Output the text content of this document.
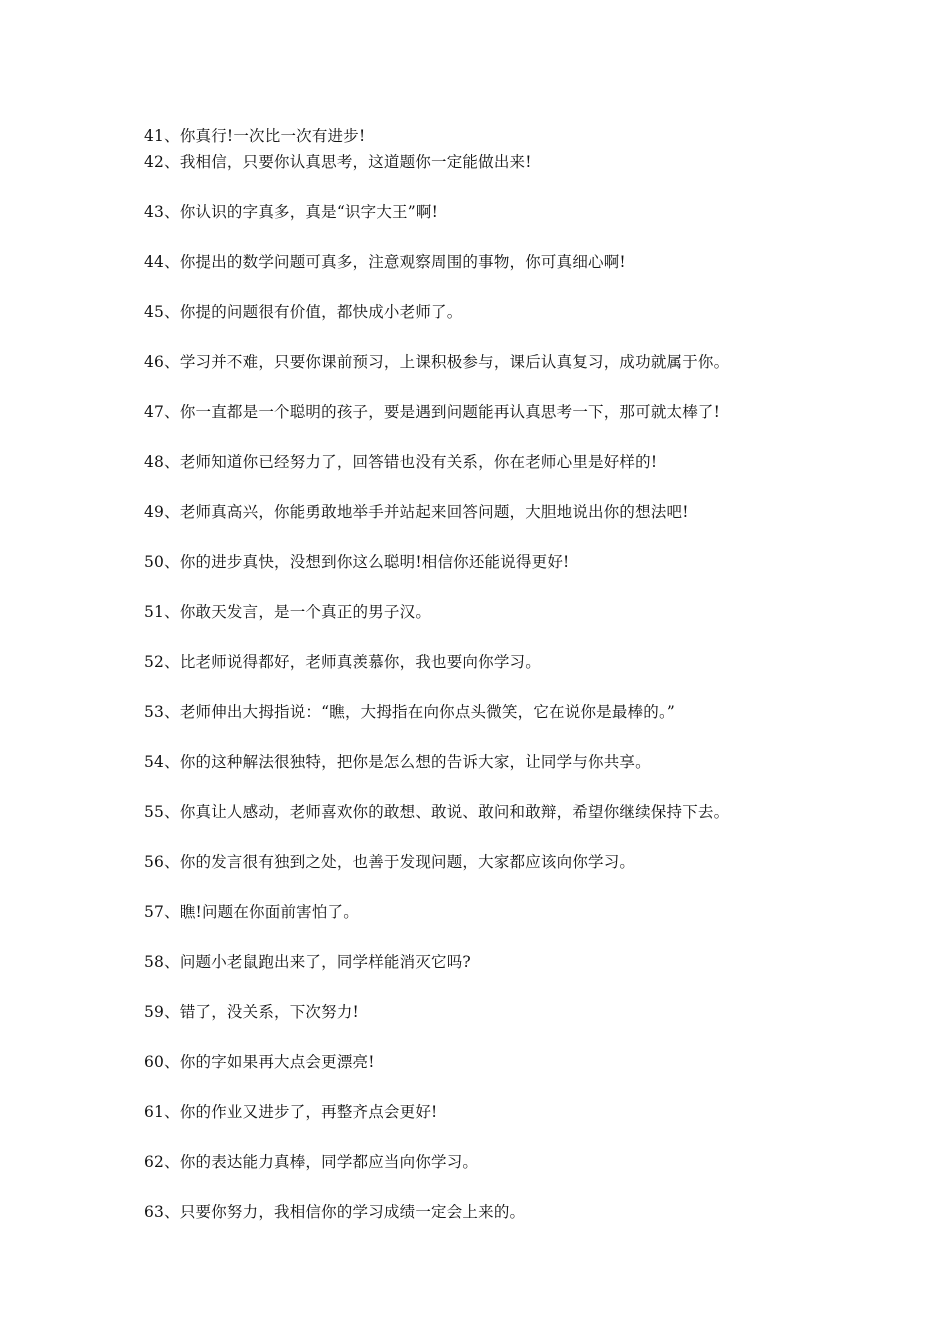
41、你真行!一次比一次有进步!
42、我相信，只要你认真思考，这道题你一定能做出来!
43、你认识的字真多，真是“识字大王”啊!
44、你提出的数学问题可真多，注意观察周围的事物，你可真细心啊!
45、你提的问题很有价值，都快成小老师了。
46、学习并不难，只要你课前预习，上课积极参与，课后认真复习，成功就属于你。
47、你一直都是一个聪明的孩子，要是遇到问题能再认真思考一下，那可就太棒了!
48、老师知道你已经努力了，回答错也没有关系，你在老师心里是好样的!
49、老师真高兴，你能勇敢地举手并站起来回答问题，大胆地说出你的想法吧!
50、你的进步真快，没想到你这么聪明!相信你还能说得更好!
51、你敢天发言，是一个真正的男子汉。
52、比老师说得都好，老师真羡慕你，我也要向你学习。
53、老师伸出大拇指说：“瞧，大拇指在向你点头微笑，它在说你是最棒的。”
54、你的这种解法很独特，把你是怎么想的告诉大家，让同学与你共享。
55、你真让人感动，老师喜欢你的敢想、敢说、敢问和敢辩，希望你继续保持下去。
56、你的发言很有独到之处，也善于发现问题，大家都应该向你学习。
57、瞧!问题在你面前害怕了。
58、问题小老鼠跑出来了，同学样能消灭它吗?
59、错了，没关系，下次努力!
60、你的字如果再大点会更漂亮!
61、你的作业又进步了，再整齐点会更好!
62、你的表达能力真棒，同学都应当向你学习。
63、只要你努力，我相信你的学习成绩一定会上来的。
